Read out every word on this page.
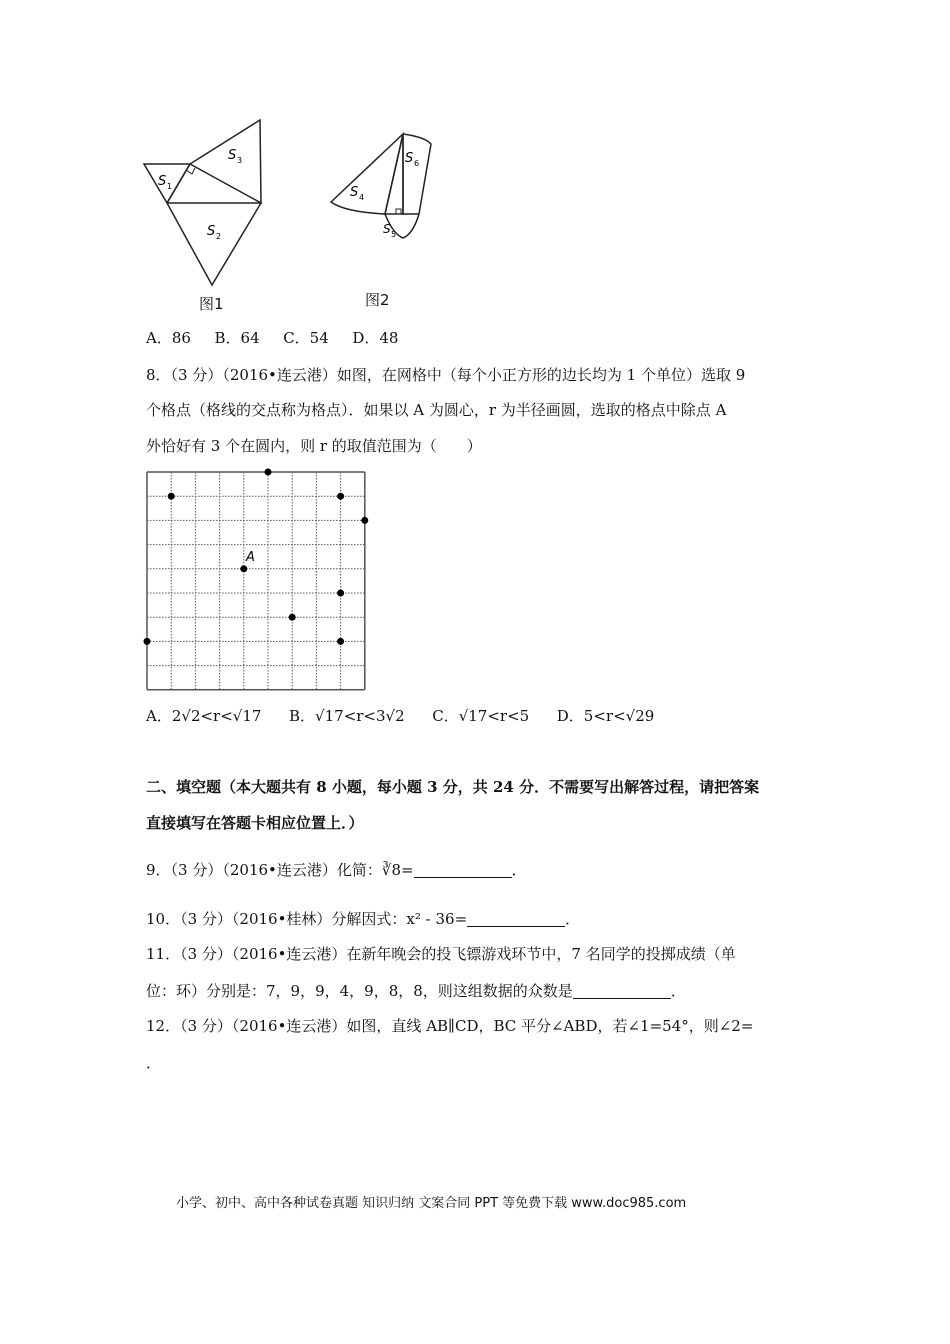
S 1
S 3
S 2
图1
S 4
S 6
S 5
图2
A．86 B．64 C．54 D．48
8．（3 分）（2016•连云港）如图，在网格中（每个小正方形的边长均为 1 个单位）选取 9
个格点（格线的交点称为格点）．如果以 A 为圆心，r 为半径画圆，选取的格点中除点 A
外恰好有 3 个在圆内，则 r 的取值范围为（　　）
A
A．2√2<r<√17 B．√17<r<3√2 C．√17<r<5 D．5<r<√29
二、填空题（本大题共有 8 小题，每小题 3 分，共 24 分．不需要写出解答过程，请把答案
直接填写在答题卡相应位置上．）
9．（3 分）（2016•连云港）化简：∛8=	．
10．（3 分）（2016•桂林）分解因式：x² - 36=	．
11．（3 分）（2016•连云港）在新年晚会的投飞镖游戏环节中，7 名同学的投掷成绩（单
位：环）分别是：7，9，9，4，9，8，8，则这组数据的众数是	．
12．（3 分）（2016•连云港）如图，直线 AB∥CD，BC 平分∠ABD，若∠1=54°，则∠2=
．
小学、初中、高中各种试卷真题 知识归纳 文案合同 PPT 等免费下载 www.doc985.com
